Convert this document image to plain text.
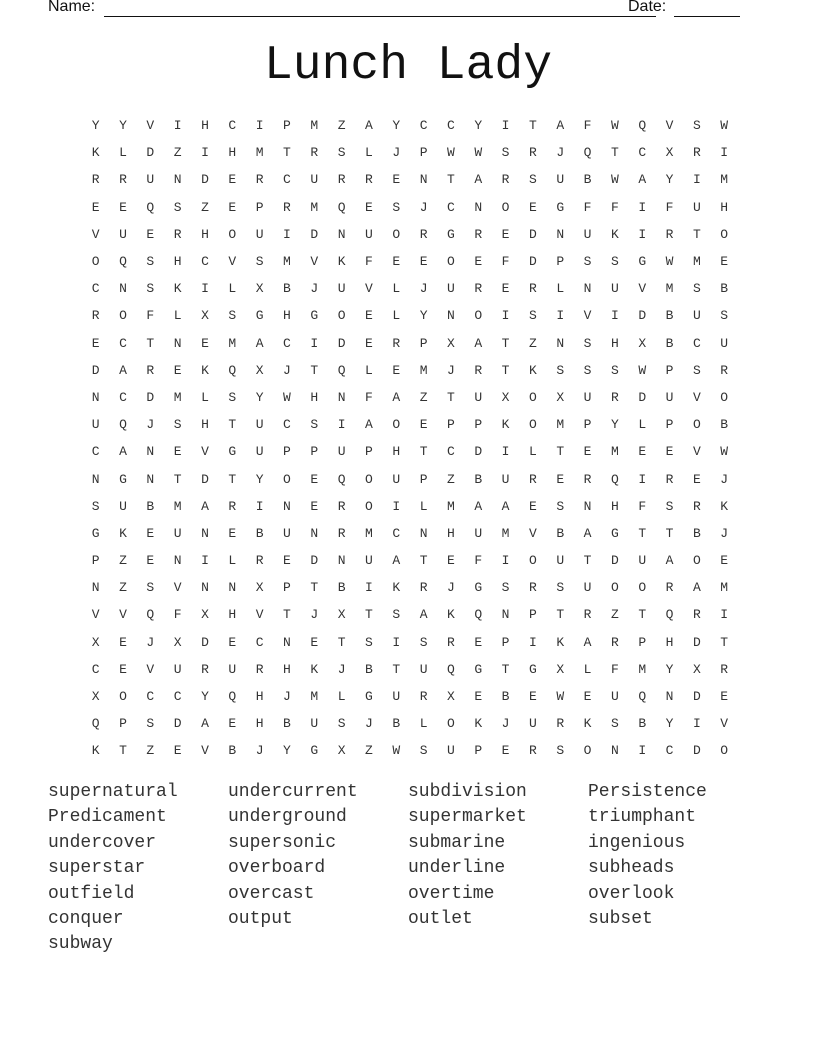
Name:	Date:
Lunch Lady
Y	Y	V	I	H	C	I	P	M	Z	A	Y	C	C	Y	I	T	A	F	W	Q	V	S	W
K	L	D	Z	I	H	M	T	R	S	L	J	P	W	W	S	R	J	Q	T	C	X	R	I
R	R	U	N	D	E	R	C	U	R	R	E	N	T	A	R	S	U	B	W	A	Y	I	M
E	E	Q	S	Z	E	P	R	M	Q	E	S	J	C	N	O	E	G	F	F	I	F	U	H
V	U	E	R	H	O	U	I	D	N	U	O	R	G	R	E	D	N	U	K	I	R	T	O
O	Q	S	H	C	V	S	M	V	K	F	E	E	O	E	F	D	P	S	S	G	W	M	E
C	N	S	K	I	L	X	B	J	U	V	L	J	U	R	E	R	L	N	U	V	M	S	B
R	O	F	L	X	S	G	H	G	O	E	L	Y	N	O	I	S	I	V	I	D	B	U	S
E	C	T	N	E	M	A	C	I	D	E	R	P	X	A	T	Z	N	S	H	X	B	C	U
D	A	R	E	K	Q	X	J	T	Q	L	E	M	J	R	T	K	S	S	S	W	P	S	R
N	C	D	M	L	S	Y	W	H	N	F	A	Z	T	U	X	O	X	U	R	D	U	V	O
U	Q	J	S	H	T	U	C	S	I	A	O	E	P	P	K	O	M	P	Y	L	P	O	B
C	A	N	E	V	G	U	P	P	U	P	H	T	C	D	I	L	T	E	M	E	E	V	W
N	G	N	T	D	T	Y	O	E	Q	O	U	P	Z	B	U	R	E	R	Q	I	R	E	J
S	U	B	M	A	R	I	N	E	R	O	I	L	M	A	A	E	S	N	H	F	S	R	K
G	K	E	U	N	E	B	U	N	R	M	C	N	H	U	M	V	B	A	G	T	T	B	J
P	Z	E	N	I	L	R	E	D	N	U	A	T	E	F	I	O	U	T	D	U	A	O	E
N	Z	S	V	N	N	X	P	T	B	I	K	R	J	G	S	R	S	U	O	O	R	A	M
V	V	Q	F	X	H	V	T	J	X	T	S	A	K	Q	N	P	T	R	Z	T	Q	R	I
X	E	J	X	D	E	C	N	E	T	S	I	S	R	E	P	I	K	A	R	P	H	D	T
C	E	V	U	R	U	R	H	K	J	B	T	U	Q	G	T	G	X	L	F	M	Y	X	R
X	O	C	C	Y	Q	H	J	M	L	G	U	R	X	E	B	E	W	E	U	Q	N	D	E
Q	P	S	D	A	E	H	B	U	S	J	B	L	O	K	J	U	R	K	S	B	Y	I	V
K	T	Z	E	V	B	J	Y	G	X	Z	W	S	U	P	E	R	S	O	N	I	C	D	O
supernatural	undercurrent	subdivision	Persistence
Predicament	underground	supermarket	triumphant
undercover	supersonic	submarine	ingenious
superstar	overboard	underline	subheads
outfield	overcast	overtime	overlook
conquer	output	outlet	subset
subway
